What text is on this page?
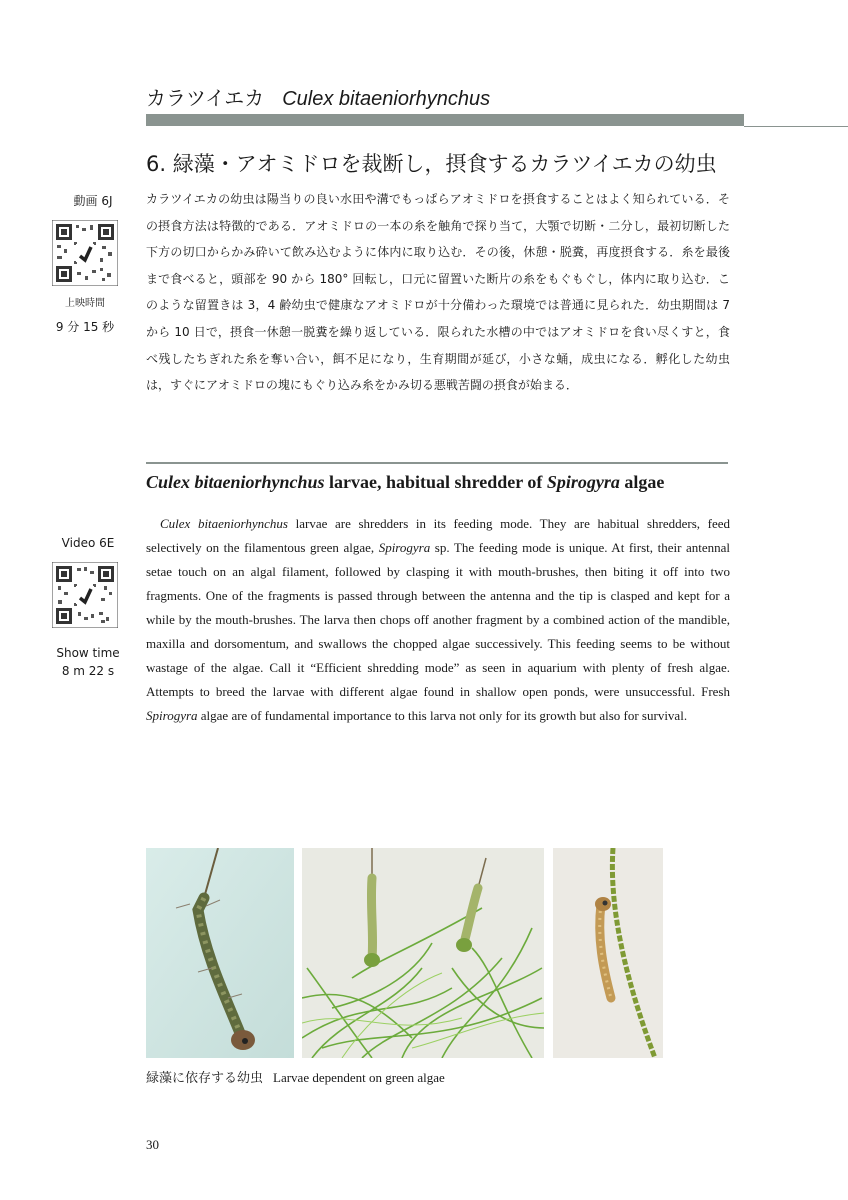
カラツイエカ Culex bitaeniorhynchus
6. 緑藻・アオミドロを裁断し，摂食するカラツイエカの幼虫
カラツイエカの幼虫は陽当りの良い水田や溝でもっぱらアオミドロを摂食することはよく知られている．その摂食方法は特徴的である．アオミドロの一本の糸を触角で探り当て，大顎で切断・二分し，最初切断した下方の切口からかみ砕いて飲み込むように体内に取り込む．その後，休憩・脱糞，再度摂食する．糸を最後まで食べると，頭部を 90 から 180° 回転し，口元に留置いた断片の糸をもぐもぐし，体内に取り込む．このような留置きは 3，4 齢幼虫で健康なアオミドロが十分備わった環境では普通に見られた．幼虫期間は 7 から 10 日で，摂食一休憩一脱糞を繰り返している．限られた水槽の中ではアオミドロを食い尽くすと，食べ残したちぎれた糸を奪い合い，餌不足になり，生育期間が延び，小さな蛹，成虫になる．孵化した幼虫は，すぐにアオミドロの塊にもぐり込み糸をかみ切る悪戦苦闘の摂食が始まる．
動画 6J
上映時間
9 分 15 秒
Culex bitaeniorhynchus larvae, habitual shredder of Spirogyra algae
Culex bitaeniorhynchus larvae are shredders in its feeding mode. They are habitual shredders, feed selectively on the filamentous green algae, Spirogyra sp. The feeding mode is unique. At first, their antennal setae touch on an algal filament, followed by clasping it with mouth-brushes, then biting it off into two fragments. One of the fragments is passed through between the antenna and the tip is clasped and kept for a while by the mouth-brushes. The larva then chops off another fragment by a combined action of the mandible, maxilla and dorsomentum, and swallows the chopped algae successively. This feeding seems to be without wastage of the algae. Call it “Efficient shredding mode” as seen in aquarium with plenty of fresh algae. Attempts to breed the larvae with different algae found in shallow open ponds, were unsuccessful. Fresh Spirogyra algae are of fundamental importance to this larva not only for its growth but also for survival.
Video 6E
Show time
8 m 22 s
緑藻に依存する幼虫 Larvae dependent on green algae
30
